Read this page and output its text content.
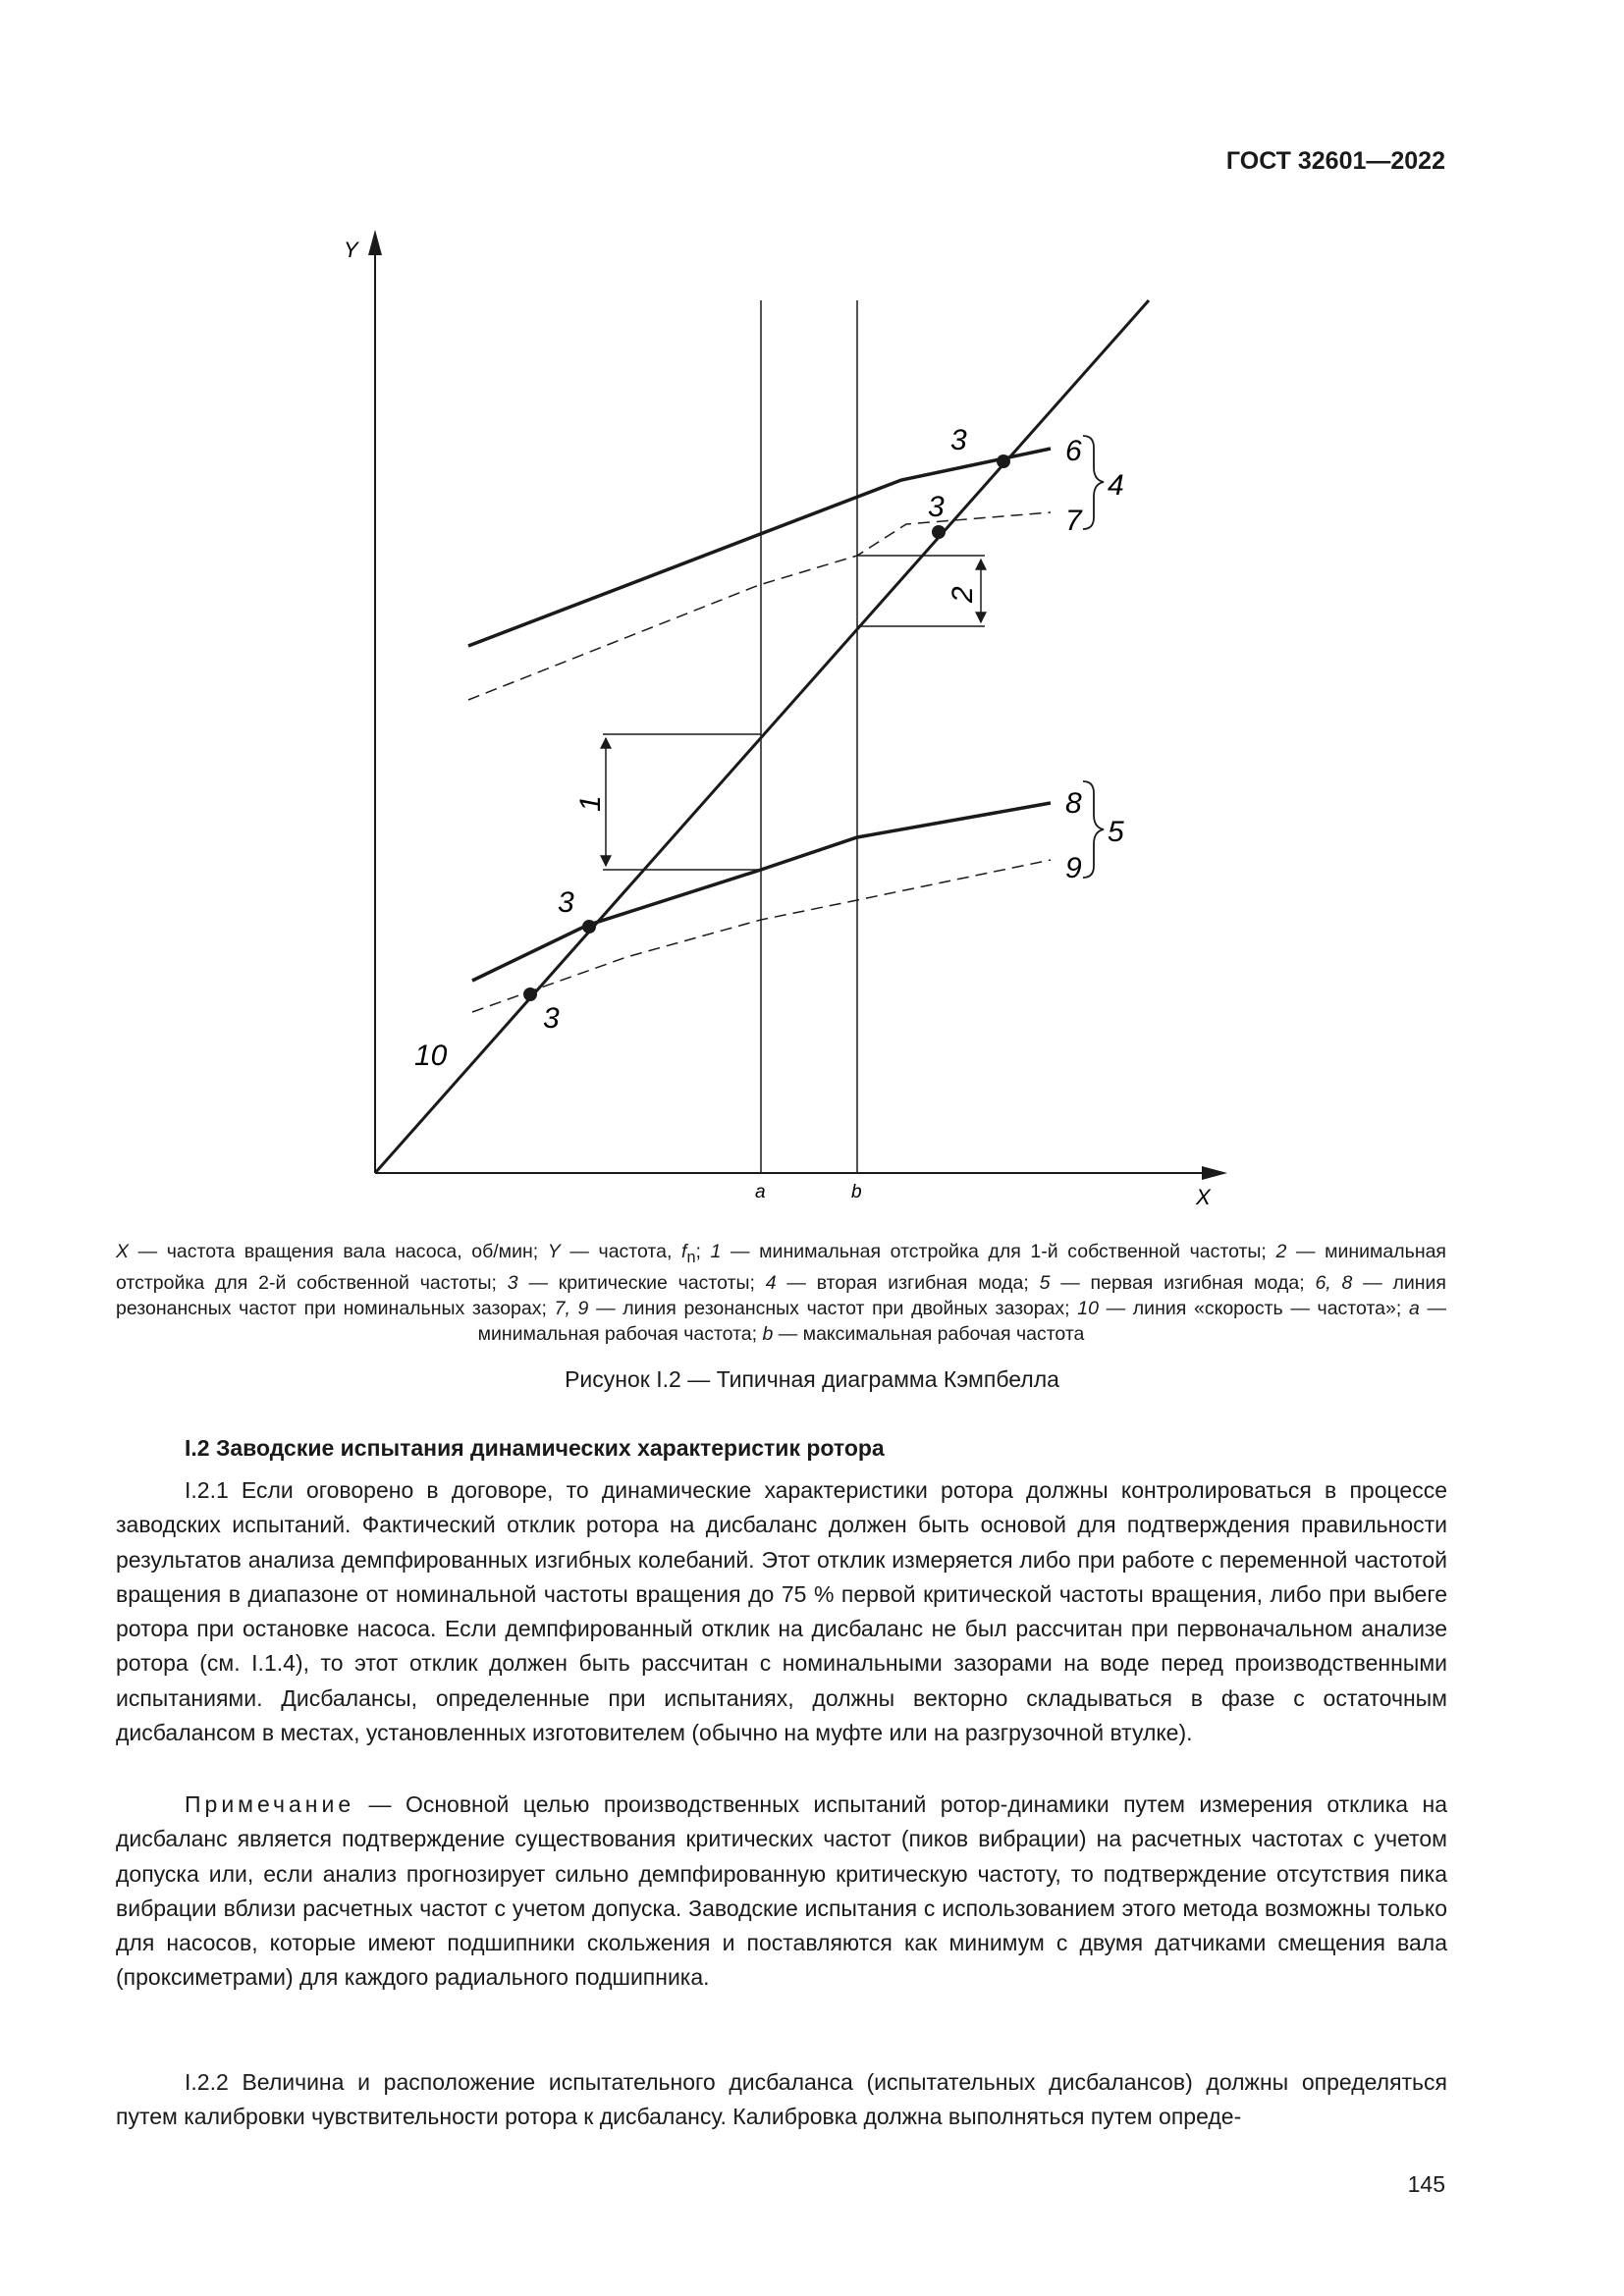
ГОСТ 32601—2022
Y
X
a	b
1
2
3
3
3
3
6
7
4
8
9
5
10
X — частота вращения вала насоса, об/мин; Y — частота, $f_n$; 1 — минимальная отстройка для 1-й собственной частоты; 2 — минимальная отстройка для 2-й собственной частоты; 3 — критические частоты; 4 — вторая изгибная мода; 5 — первая изгибная мода; 6, 8 — линия резонансных частот при номинальных зазорах; 7, 9 — линия резонансных частот при двойных зазорах; 10 — линия «скорость — частота»; a — минимальная рабочая частота; b — максимальная рабочая частота
Рисунок I.2 — Типичная диаграмма Кэмпбелла
I.2 Заводские испытания динамических характеристик ротора

I.2.1 Если оговорено в договоре, то динамические характеристики ротора должны контролироваться в процессе заводских испытаний. Фактический отклик ротора на дисбаланс должен быть основой для подтверждения правильности результатов анализа демпфированных изгибных колебаний. Этот отклик измеряется либо при работе с переменной частотой вращения в диапазоне от номинальной частоты вращения до 75 % первой критической частоты вращения, либо при выбеге ротора при остановке насоса. Если демпфированный отклик на дисбаланс не был рассчитан при первоначальном анализе ротора (см. I.1.4), то этот отклик должен быть рассчитан с номинальными зазорами на воде перед производственными испытаниями. Дисбалансы, определенные при испытаниях, должны векторно складываться в фазе с остаточным дисбалансом в местах, установленных изготовителем (обычно на муфте или на разгрузочной втулке).

Примечание — Основной целью производственных испытаний ротор-динамики путем измерения отклика на дисбаланс является подтверждение существования критических частот (пиков вибрации) на расчетных частотах с учетом допуска или, если анализ прогнозирует сильно демпфированную критическую частоту, то подтверждение отсутствия пика вибрации вблизи расчетных частот с учетом допуска. Заводские испытания с использованием этого метода возможны только для насосов, которые имеют подшипники скольжения и поставляются как минимум с двумя датчиками смещения вала (проксиметрами) для каждого радиального подшипника.

I.2.2 Величина и расположение испытательного дисбаланса (испытательных дисбалансов) должны определяться путем калибровки чувствительности ротора к дисбалансу. Калибровка должна выполняться путем опреде-

145
